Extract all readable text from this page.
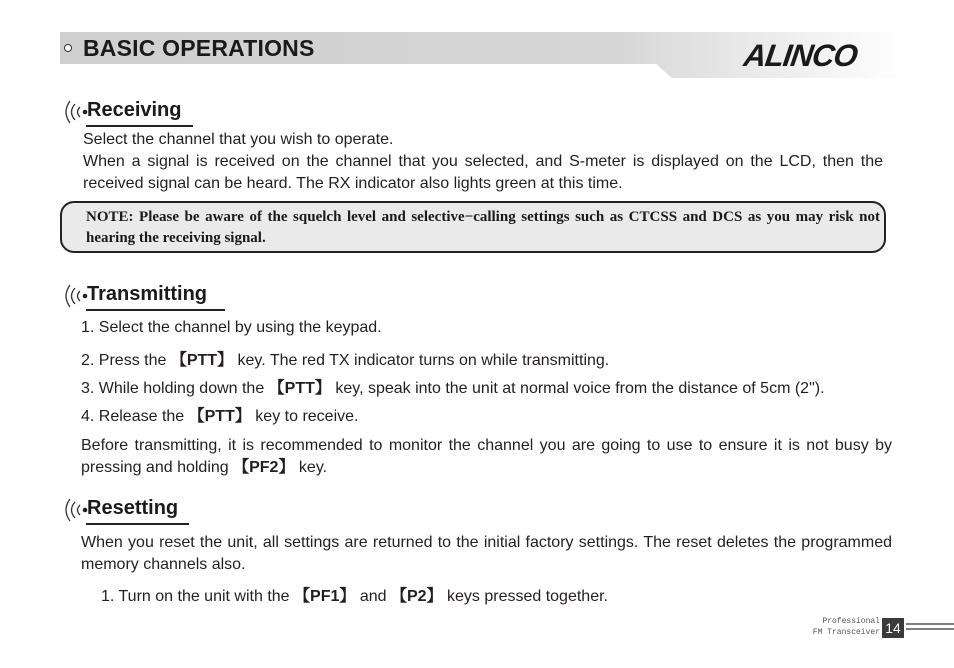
BASIC OPERATIONS	ALINCO
Receiving
Select the channel that you wish to operate.
When a signal is received on the channel that you selected, and S-meter is displayed on the LCD, then the received signal can be heard. The RX indicator also lights green at this time.
NOTE: Please be aware of the squelch level and selective−calling settings such as CTCSS and DCS as you may risk not hearing the receiving signal.
Transmitting
1. Select the channel by using the keypad.
2. Press the 【PTT】 key. The red TX indicator turns on while transmitting.
3. While holding down the 【PTT】 key, speak into the unit at normal voice from the distance of 5cm (2").
4. Release the 【PTT】 key to receive.
Before transmitting, it is recommended to monitor the channel you are going to use to ensure it is not busy by pressing and holding 【PF2】 key.
Resetting
When you reset the unit, all settings are returned to the initial factory settings. The reset deletes the programmed memory channels also.
1. Turn on the unit with the 【PF1】 and 【P2】 keys pressed together.
Professional
FM Transceiver 14
